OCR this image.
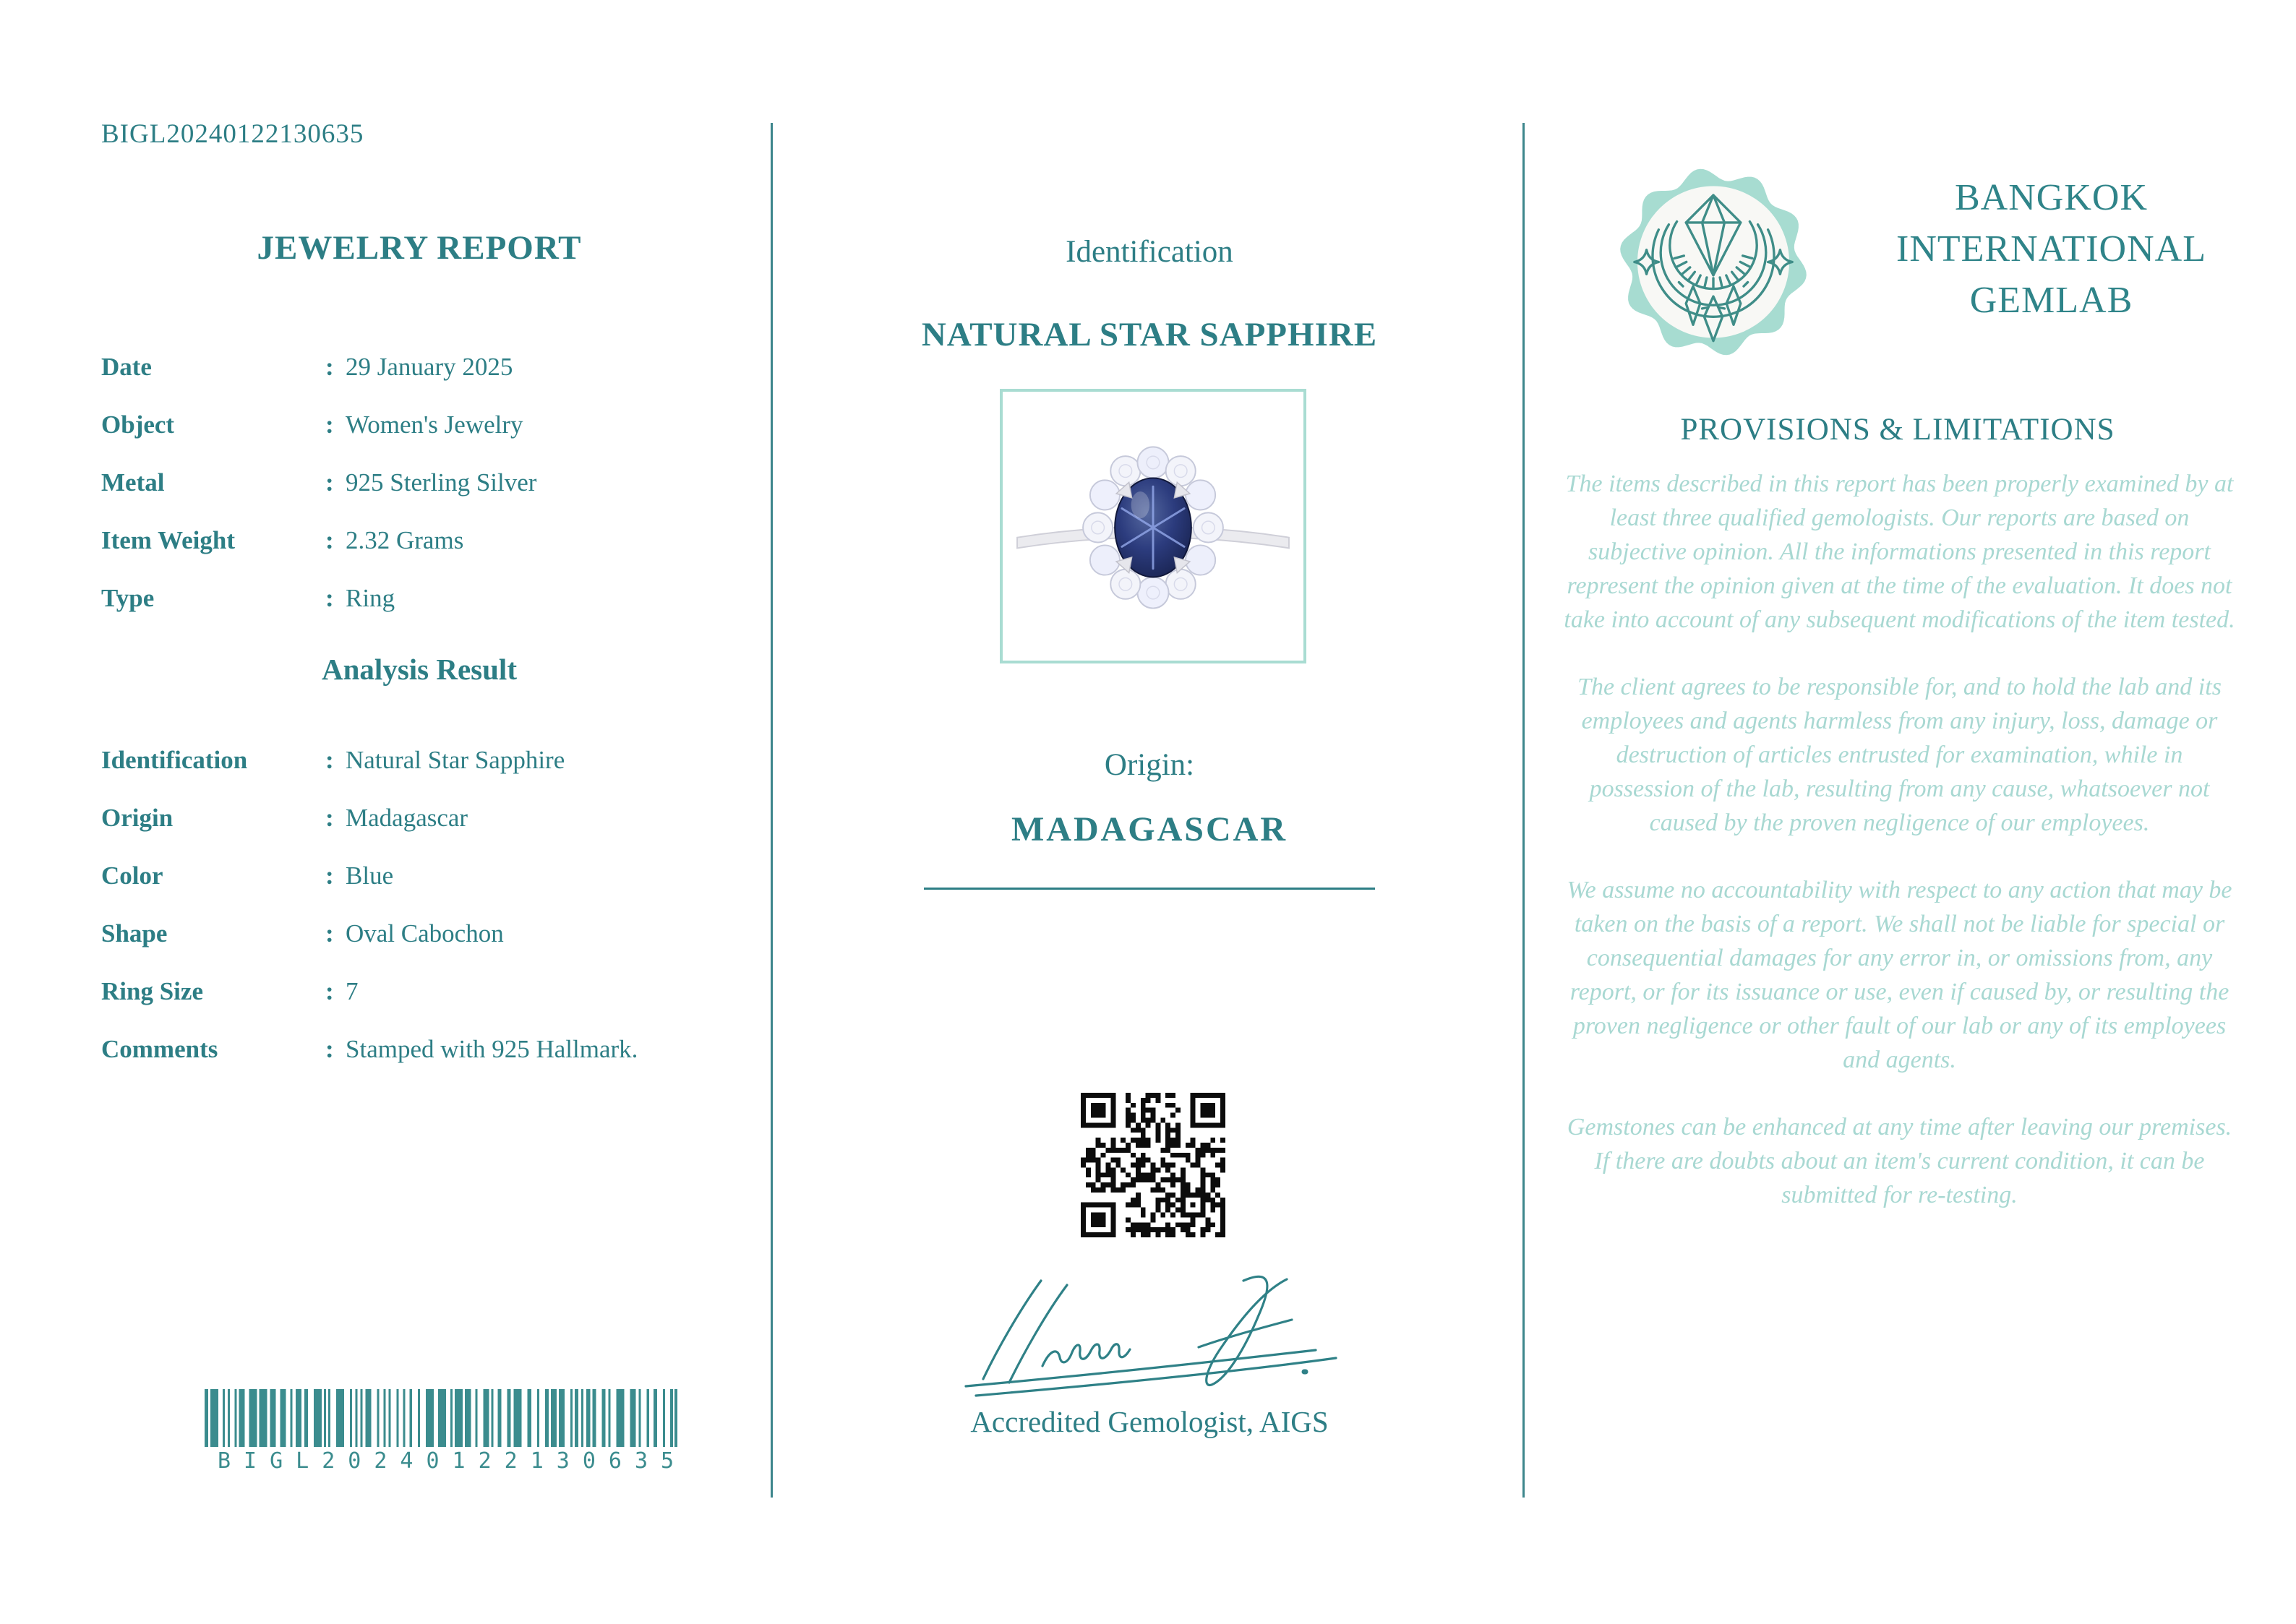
BIGL20240122130635
JEWELRY REPORT
Date	: 29 January 2025
Object	: Women's Jewelry
Metal	: 925 Sterling Silver
Item Weight	: 2.32 Grams
Type	: Ring
Analysis Result
Identification	: Natural Star Sapphire
Origin	: Madagascar
Color	: Blue
Shape	: Oval Cabochon
Ring Size	: 7
Comments	: Stamped with 925 Hallmark.
BIGL20240122130635
Identification
NATURAL STAR SAPPHIRE
Origin:
MADAGASCAR
Accredited Gemologist, AIGS
BANGKOK
INTERNATIONAL
GEMLAB
PROVISIONS & LIMITATIONS

The items described in this report has been properly examined by at least three qualified gemologists. Our reports are based on subjective opinion. All the informations presented in this report represent the opinion given at the time of the evaluation. It does not take into account of any subsequent modifications of the item tested.

The client agrees to be responsible for, and to hold the lab and its employees and agents harmless from any injury, loss, damage or destruction of articles entrusted for examination, while in possession of the lab, resulting from any cause, whatsoever not caused by the proven negligence of our employees.

We assume no accountability with respect to any action that may be taken on the basis of a report. We shall not be liable for special or consequential damages for any error in, or omissions from, any report, or for its issuance or use, even if caused by, or resulting the proven negligence or other fault of our lab or any of its employees and agents.

Gemstones can be enhanced at any time after leaving our premises. If there are doubts about an item's current condition, it can be submitted for re-testing.
